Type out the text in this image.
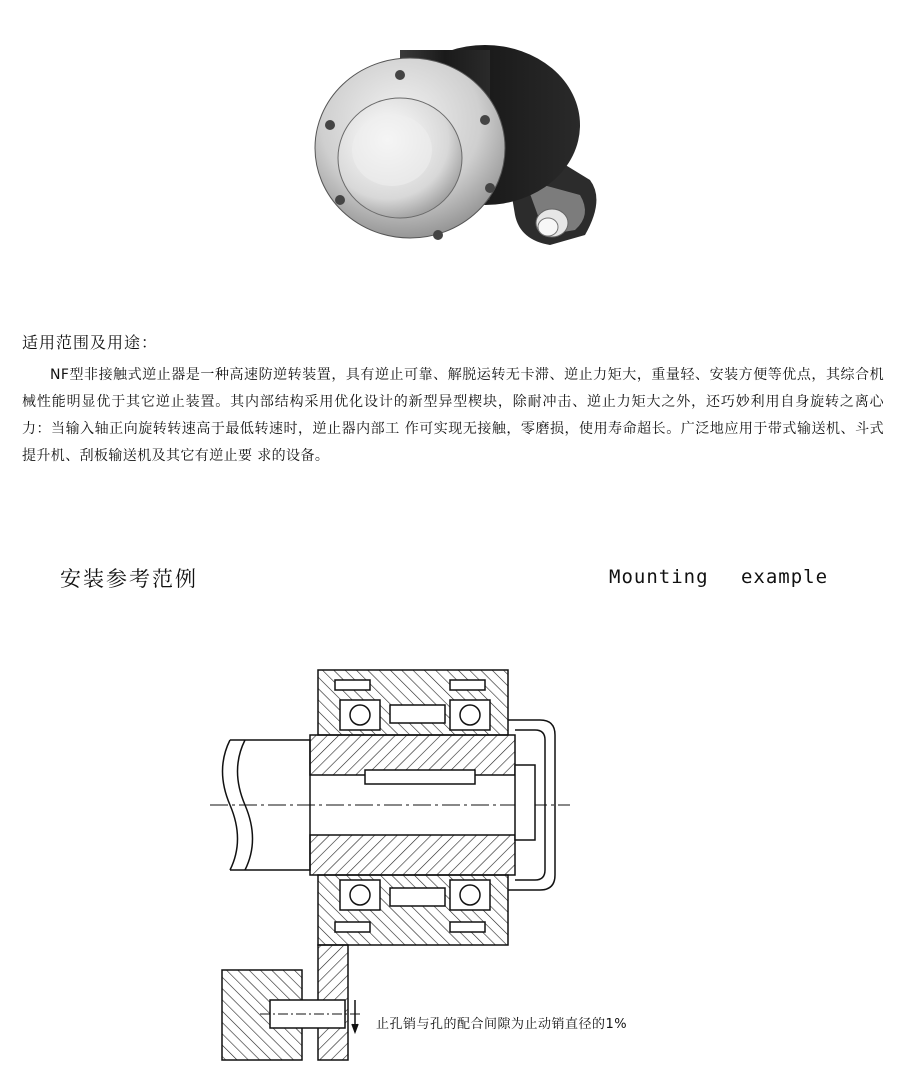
适用范围及用途：
NF型非接触式逆止器是一种高速防逆转装置，具有逆止可靠、解脱运转无卡滞、逆止力矩大，重量轻、安装方便等优点，其综合机械性能明显优于其它逆止装置。其内部结构采用优化设计的新型异型楔块，除耐冲击、逆止力矩大之外，还巧妙利用自身旋转之离心力：当输入轴正向旋转转速高于最低转速时，逆止器内部工 作可实现无接触，零磨损，使用寿命超长。广泛地应用于带式输送机、斗式提升机、刮板输送机及其它有逆止要 求的设备。
安装参考范例	Mounting example
止孔销与孔的配合间隙为止动销直径的1%
